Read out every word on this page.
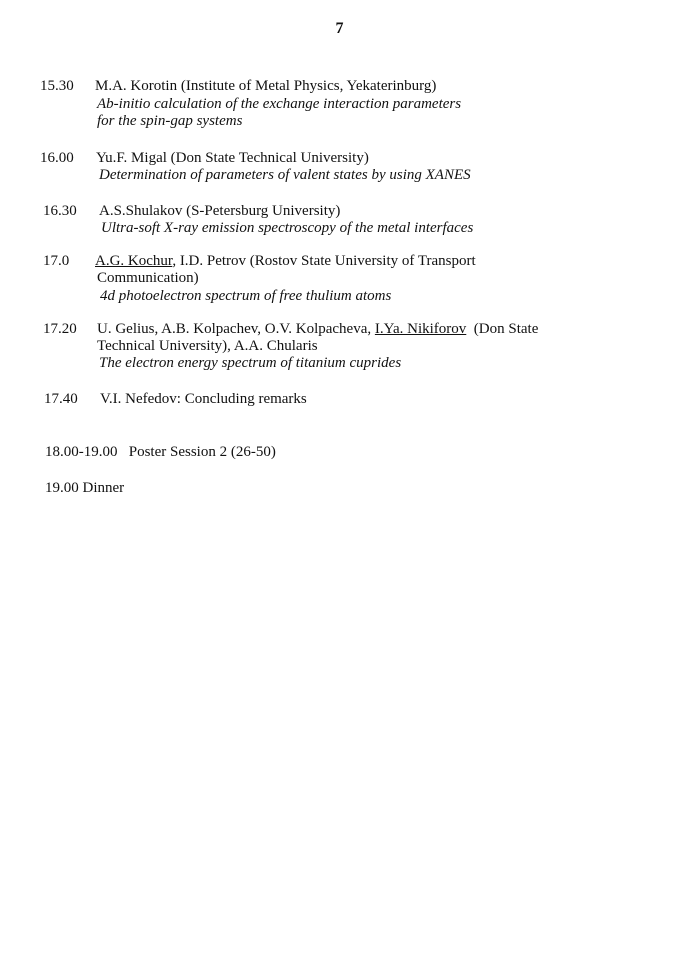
7
15.30 M.A. Korotin (Institute of Metal Physics, Yekaterinburg)
Ab-initio calculation of the exchange interaction parameters
for the spin-gap systems
16.00 Yu.F. Migal (Don State Technical University)
Determination of parameters of valent states by using XANES
16.30 A.S.Shulakov (S-Petersburg University)
Ultra-soft X-ray emission spectroscopy of the metal interfaces
17.0 A.G. Kochur, I.D. Petrov (Rostov State University of Transport
Communication)
4d photoelectron spectrum of free thulium atoms
17.20 U. Gelius, A.B. Kolpachev, O.V. Kolpacheva, I.Ya. Nikiforov  (Don State
Technical University), A.A. Chularis
The electron energy spectrum of titanium cuprides
17.40 V.I. Nefedov: Concluding remarks
18.00-19.00   Poster Session 2 (26-50)
19.00 Dinner
